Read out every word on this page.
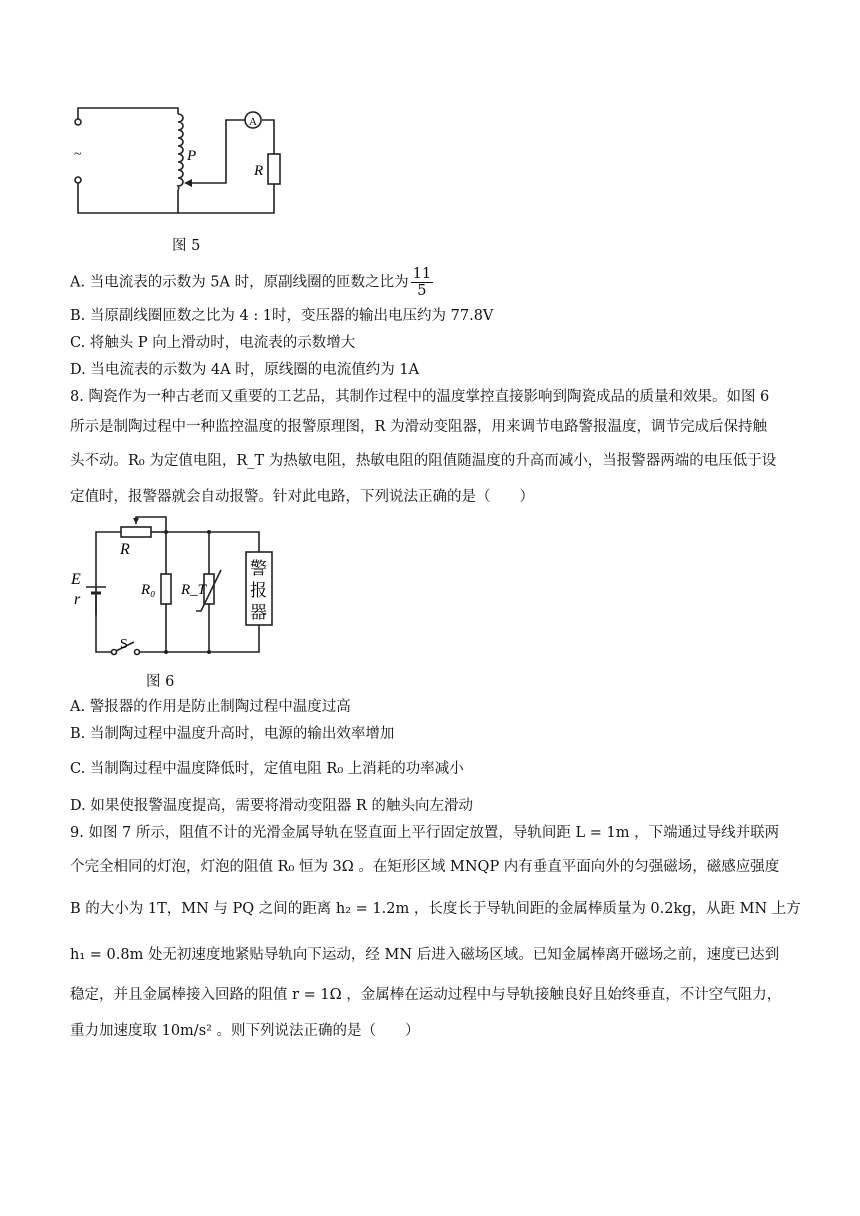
~	P
A
R
图 5
A. 当电流表的示数为 5A 时，原副线圈的匝数之比为 $\frac{11}{5}$
B. 当原副线圈匝数之比为 4 : 1时，变压器的输出电压约为 77.8V
C. 将触头 P 向上滑动时，电流表的示数增大
D. 当电流表的示数为 4A 时，原线圈的电流值约为 1A
8. 陶瓷作为一种古老而又重要的工艺品，其制作过程中的温度掌控直接影响到陶瓷成品的质量和效果。如图 6
所示是制陶过程中一种监控温度的报警原理图，R 为滑动变阻器，用来调节电路警报温度，调节完成后保持触
头不动。R₀ 为定值电阻，R_T 为热敏电阻，热敏电阻的阻值随温度的升高而减小，当报警器两端的电压低于设
定值时，报警器就会自动报警。针对此电路，下列说法正确的是（　　）
R
E
r
R₀ R_T
S
警
报
器
图 6
A. 警报器的作用是防止制陶过程中温度过高
B. 当制陶过程中温度升高时，电源的输出效率增加
C. 当制陶过程中温度降低时，定值电阻 R₀ 上消耗的功率减小
D. 如果使报警温度提高，需要将滑动变阻器 R 的触头向左滑动
9. 如图 7 所示，阻值不计的光滑金属导轨在竖直面上平行固定放置，导轨间距 L = 1m ，下端通过导线并联两
个完全相同的灯泡，灯泡的阻值 R₀ 恒为 3Ω 。在矩形区域 MNQP 内有垂直平面向外的匀强磁场，磁感应强度
B 的大小为 1T，MN 与 PQ 之间的距离 h₂ = 1.2m ，长度长于导轨间距的金属棒质量为 0.2kg，从距 MN 上方
h₁ = 0.8m 处无初速度地紧贴导轨向下运动，经 MN 后进入磁场区域。已知金属棒离开磁场之前，速度已达到
稳定，并且金属棒接入回路的阻值 r = 1Ω ，金属棒在运动过程中与导轨接触良好且始终垂直，不计空气阻力，
重力加速度取 10m/s² 。则下列说法正确的是（　　）
